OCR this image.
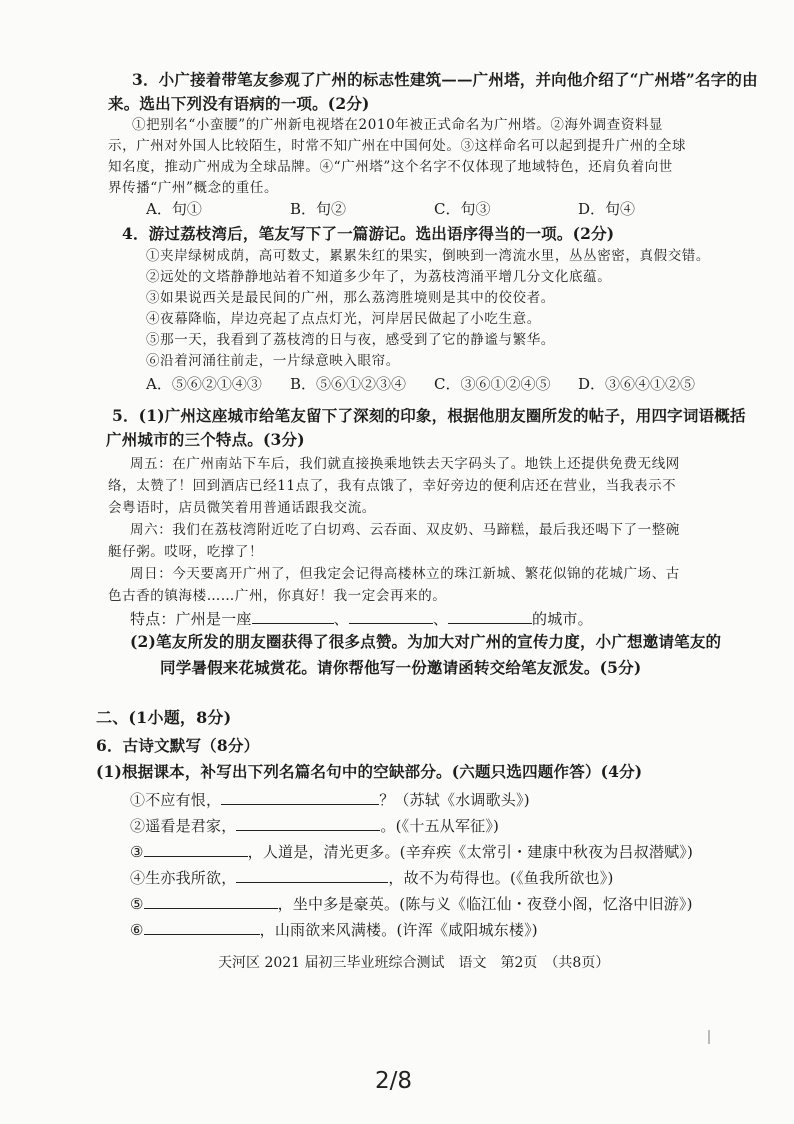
3．小广接着带笔友参观了广州的标志性建筑——广州塔，并向他介绍了“广州塔”名字的由
来。选出下列没有语病的一项。(2分)
①把别名“小蛮腰”的广州新电视塔在2010年被正式命名为广州塔。②海外调查资料显
示，广州对外国人比较陌生，时常不知广州在中国何处。③这样命名可以起到提升广州的全球
知名度，推动广州成为全球品牌。④“广州塔”这个名字不仅体现了地域特色，还肩负着向世
界传播“广州”概念的重任。
A．句①	B．句②	C．句③	D．句④
4．游过荔枝湾后，笔友写下了一篇游记。选出语序得当的一项。(2分)
①夹岸绿树成荫，高可数丈，累累朱红的果实，倒映到一湾流水里，丛丛密密，真假交错。
②远处的文塔静静地站着不知道多少年了，为荔枝湾涌平增几分文化底蕴。
③如果说西关是最民间的广州，那么荔湾胜境则是其中的佼佼者。
④夜幕降临，岸边亮起了点点灯光，河岸居民做起了小吃生意。
⑤那一天，我看到了荔枝湾的日与夜，感受到了它的静谧与繁华。
⑥沿着河涌往前走，一片绿意映入眼帘。
A．⑤⑥②①④③ B．⑤⑥①②③④ C．③⑥①②④⑤ D．③⑥④①②⑤
5．(1)广州这座城市给笔友留下了深刻的印象，根据他朋友圈所发的帖子，用四字词语概括
广州城市的三个特点。(3分)
周五：在广州南站下车后，我们就直接换乘地铁去天字码头了。地铁上还提供免费无线网
络，太赞了！回到酒店已经11点了，我有点饿了，幸好旁边的便利店还在营业，当我表示不
会粤语时，店员微笑着用普通话跟我交流。
周六：我们在荔枝湾附近吃了白切鸡、云吞面、双皮奶、马蹄糕，最后我还喝下了一整碗
艇仔粥。哎呀，吃撑了！
周日：今天要离开广州了，但我定会记得高楼林立的珠江新城、繁花似锦的花城广场、古
色古香的镇海楼……广州，你真好！我一定会再来的。
特点：广州是一座	、	、	的城市。
(2)笔友所发的朋友圈获得了很多点赞。为加大对广州的宣传力度，小广想邀请笔友的
同学暑假来花城赏花。请你帮他写一份邀请函转交给笔友派发。(5分)
二、(1小题，8分)
6．古诗文默写（8分）
(1)根据课本，补写出下列名篇名句中的空缺部分。(六题只选四题作答）(4分)
①不应有恨，	？（苏轼《水调歌头》)
②遥看是君家，	。(《十五从军征》)
③	，人道是，清光更多。(辛弃疾《太常引・建康中秋夜为吕叔潜赋》)
④生亦我所欲，	，故不为苟得也。(《鱼我所欲也》)
⑤	，坐中多是豪英。(陈与义《临江仙・夜登小阁，忆洛中旧游》)
⑥	，山雨欲来风满楼。(许浑《咸阳城东楼》)
天河区 2021 届初三毕业班综合测试　语文　第2页　（共8页）
2/8
